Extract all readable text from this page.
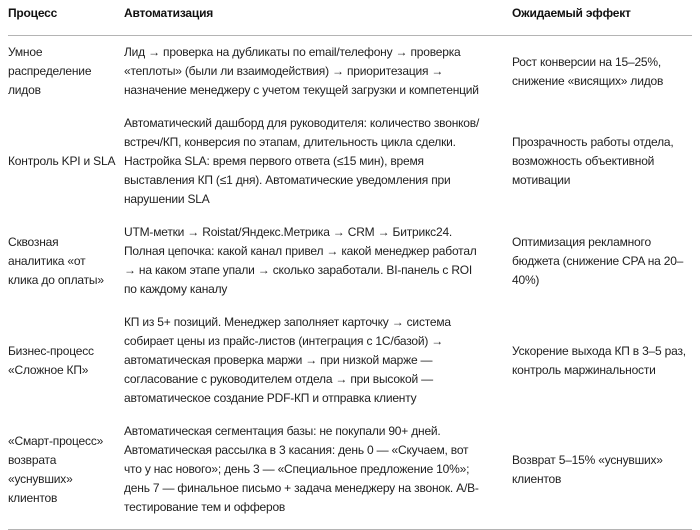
Процесс	Автоматизация	Ожидаемый эффект
Умное распределение лидов	Лид → проверка на дубликаты по email/телефону → проверка «теплоты» (были ли взаимодействия) → приоритезация → назначение менеджеру с учетом текущей загрузки и компетенций	Рост конверсии на 15–25%, снижение «висящих» лидов
Контроль KPI и SLA	Автоматический дашборд для руководителя: количество звонков/встреч/КП, конверсия по этапам, длительность цикла сделки. Настройка SLA: время первого ответа (≤15 мин), время выставления КП (≤1 дня). Автоматические уведомления при нарушении SLA	Прозрачность работы отдела, возможность объективной мотивации
Сквозная аналитика «от клика до оплаты»	UTM-метки → Roistat/Яндекс.Метрика → CRM → Битрикс24. Полная цепочка: какой канал привел → какой менеджер работал → на каком этапе упали → сколько заработали. BI-панель с ROI по каждому каналу	Оптимизация рекламного бюджета (снижение CPA на 20–40%)
Бизнес-процесс «Сложное КП»	КП из 5+ позиций. Менеджер заполняет карточку → система собирает цены из прайс-листов (интеграция с 1С/базой) → автоматическая проверка маржи → при низкой марже — согласование с руководителем отдела → при высокой — автоматическое создание PDF-КП и отправка клиенту	Ускорение выхода КП в 3–5 раз, контроль маржинальности
«Смарт-процесс» возврата «уснувших» клиентов	Автоматическая сегментация базы: не покупали 90+ дней. Автоматическая рассылка в 3 касания: день 0 — «Скучаем, вот что у нас нового»; день 3 — «Специальное предложение 10%»; день 7 — финальное письмо + задача менеджеру на звонок. A/B-тестирование тем и офферов	Возврат 5–15% «уснувших» клиентов
